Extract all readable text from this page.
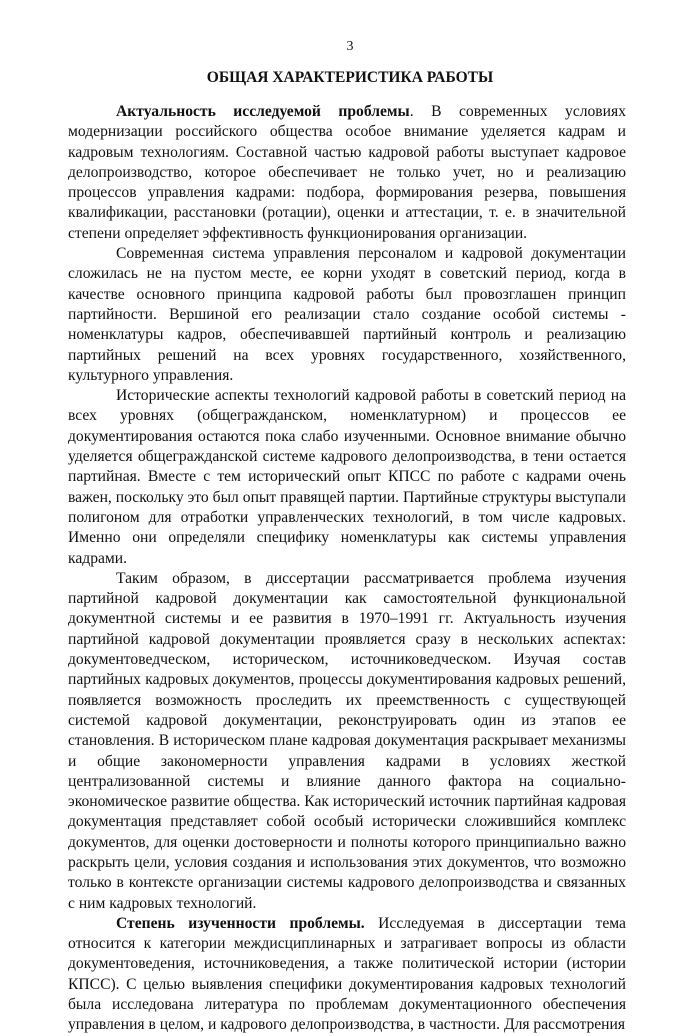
3
ОБЩАЯ ХАРАКТЕРИСТИКА РАБОТЫ

Актуальность исследуемой проблемы. В современных условиях модернизации российского общества особое внимание уделяется кадрам и кадровым технологиям. Составной частью кадровой работы выступает кадровое делопроизводство, которое обеспечивает не только учет, но и реализацию процессов управления кадрами: подбора, формирования резерва, повышения квалификации, расстановки (ротации), оценки и аттестации, т. е. в значительной степени определяет эффективность функционирования организации.

Современная система управления персоналом и кадровой документации сложилась не на пустом месте, ее корни уходят в советский период, когда в качестве основного принципа кадровой работы был провозглашен принцип партийности. Вершиной его реализации стало создание особой системы - номенклатуры кадров, обеспечивавшей партийный контроль и реализацию партийных решений на всех уровнях государственного, хозяйственного, культурного управления.

Исторические аспекты технологий кадровой работы в советский период на всех уровнях (общегражданском, номенклатурном) и процессов ее документирования остаются пока слабо изученными. Основное внимание обычно уделяется общегражданской системе кадрового делопроизводства, в тени остается партийная. Вместе с тем исторический опыт КПСС по работе с кадрами очень важен, поскольку это был опыт правящей партии. Партийные структуры выступали полигоном для отработки управленческих технологий, в том числе кадровых. Именно они определяли специфику номенклатуры как системы управления кадрами.

Таким образом, в диссертации рассматривается проблема изучения партийной кадровой документации как самостоятельной функциональной документной системы и ее развития в 1970–1991 гг. Актуальность изучения партийной кадровой документации проявляется сразу в нескольких аспектах: документоведческом, историческом, источниковедческом. Изучая состав партийных кадровых документов, процессы документирования кадровых решений, появляется возможность проследить их преемственность с существующей системой кадровой документации, реконструировать один из этапов ее становления. В историческом плане кадровая документация раскрывает механизмы и общие закономерности управления кадрами в условиях жесткой централизованной системы и влияние данного фактора на социально-экономическое развитие общества. Как исторический источник партийная кадровая документация представляет собой особый исторически сложившийся комплекс документов, для оценки достоверности и полноты которого принципиально важно раскрыть цели, условия создания и использования этих документов, что возможно только в контексте организации системы кадрового делопроизводства и связанных с ним кадровых технологий.

Степень изученности проблемы. Исследуемая в диссертации тема относится к категории междисциплинарных и затрагивает вопросы из области документоведения, источниковедения, а также политической истории (истории КПСС). С целью выявления специфики документирования кадровых технологий была исследована литература по проблемам документационного обеспечения управления в целом, и кадрового делопроизводства, в частности. Для рассмотрения
